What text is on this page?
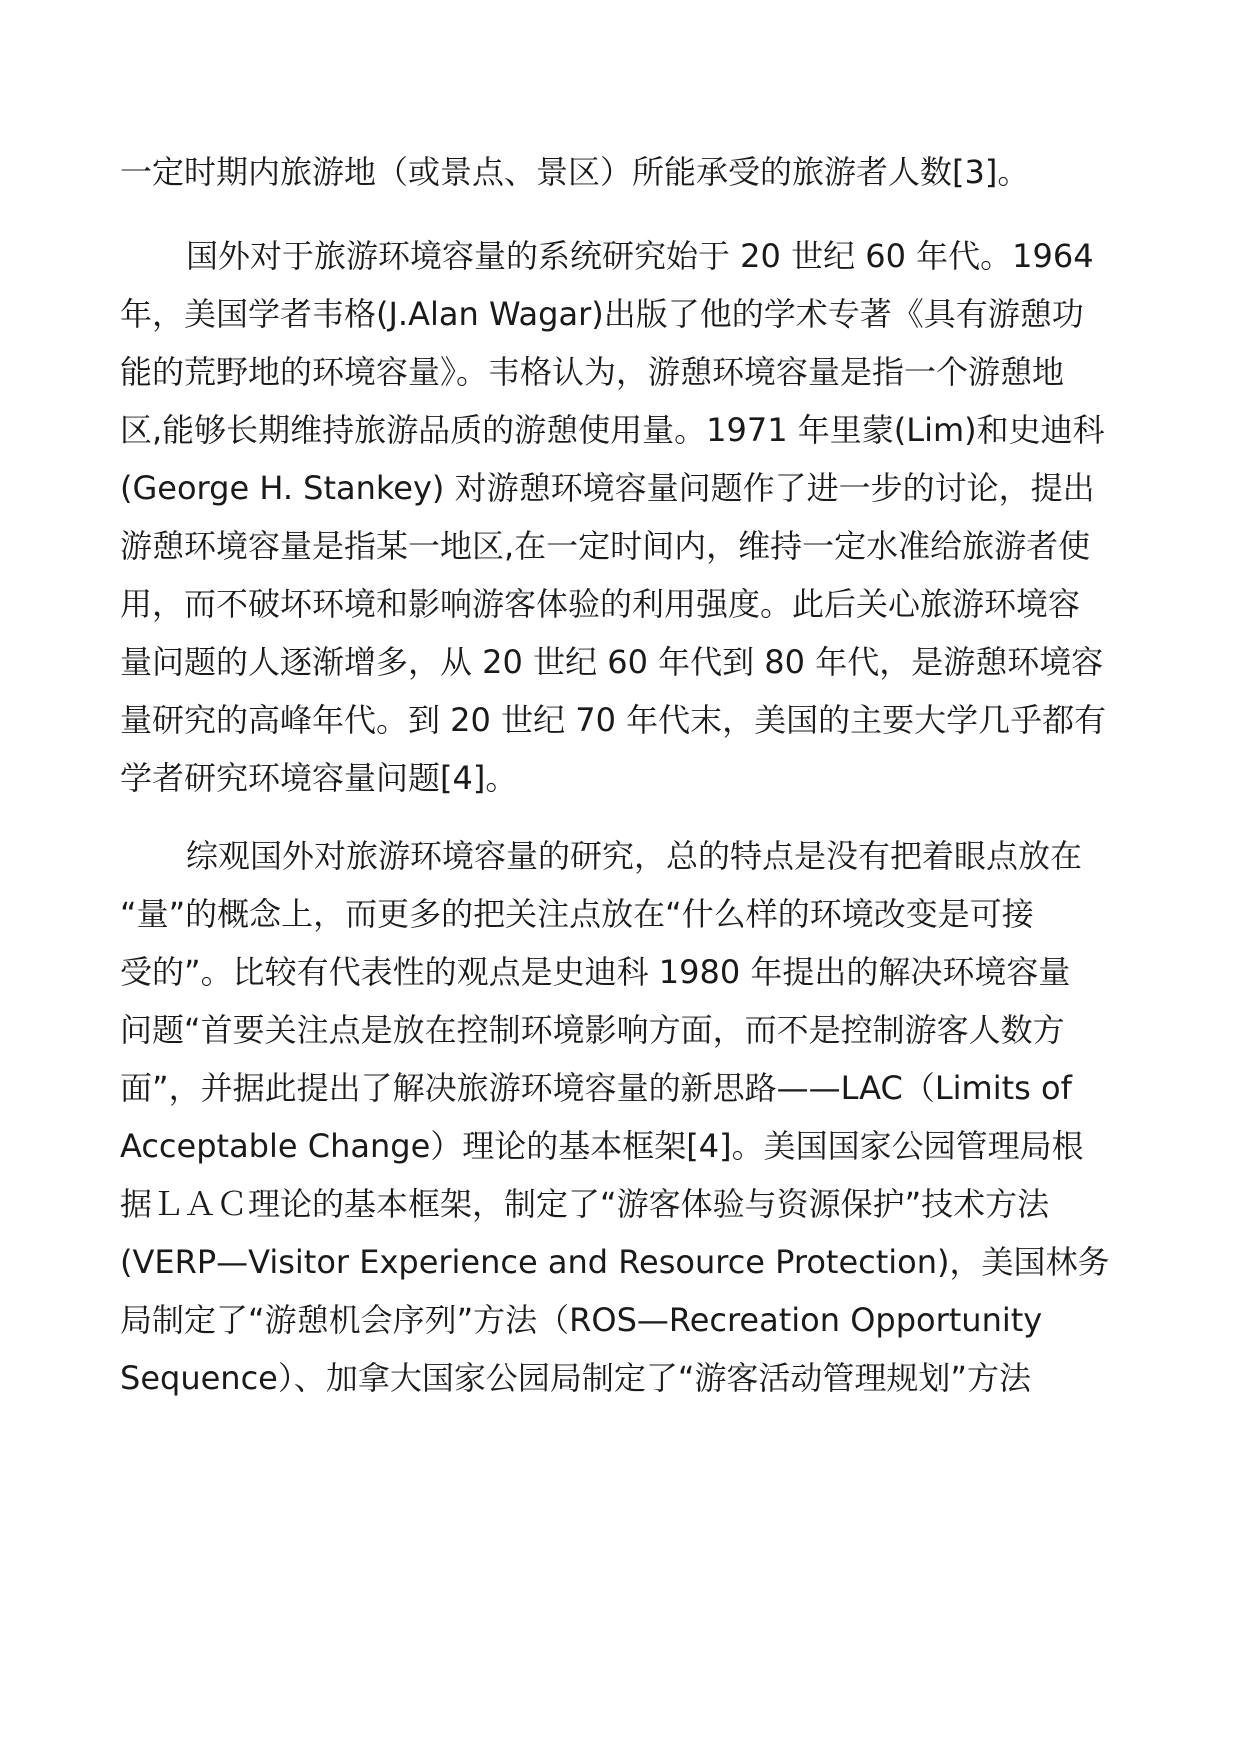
一定时期内旅游地（或景点、景区）所能承受的旅游者人数[3]。
国外对于旅游环境容量的系统研究始于 20 世纪 60 年代。1964
年，美国学者韦格(J.Alan Wagar)出版了他的学术专著《具有游憩功
能的荒野地的环境容量》。韦格认为，游憩环境容量是指一个游憩地
区,能够长期维持旅游品质的游憩使用量。1971 年里蒙(Lim)和史迪科
(George H. Stankey) 对游憩环境容量问题作了进一步的讨论，提出
游憩环境容量是指某一地区,在一定时间内，维持一定水准给旅游者使
用，而不破坏环境和影响游客体验的利用强度。此后关心旅游环境容
量问题的人逐渐增多，从 20 世纪 60 年代到 80 年代，是游憩环境容
量研究的高峰年代。到 20 世纪 70 年代末，美国的主要大学几乎都有
学者研究环境容量问题[4]。
综观国外对旅游环境容量的研究，总的特点是没有把着眼点放在
“量”的概念上，而更多的把关注点放在“什么样的环境改变是可接
受的”。比较有代表性的观点是史迪科 1980 年提出的解决环境容量
问题“首要关注点是放在控制环境影响方面，而不是控制游客人数方
面”，并据此提出了解决旅游环境容量的新思路——LAC（Limits of
Acceptable Change）理论的基本框架[4]。美国国家公园管理局根
据ＬＡＣ理论的基本框架，制定了“游客体验与资源保护”技术方法
(VERP—Visitor Experience and Resource Protection)，美国林务
局制定了“游憩机会序列”方法（ROS—Recreation Opportunity
Sequence）、加拿大国家公园局制定了“游客活动管理规划”方法
